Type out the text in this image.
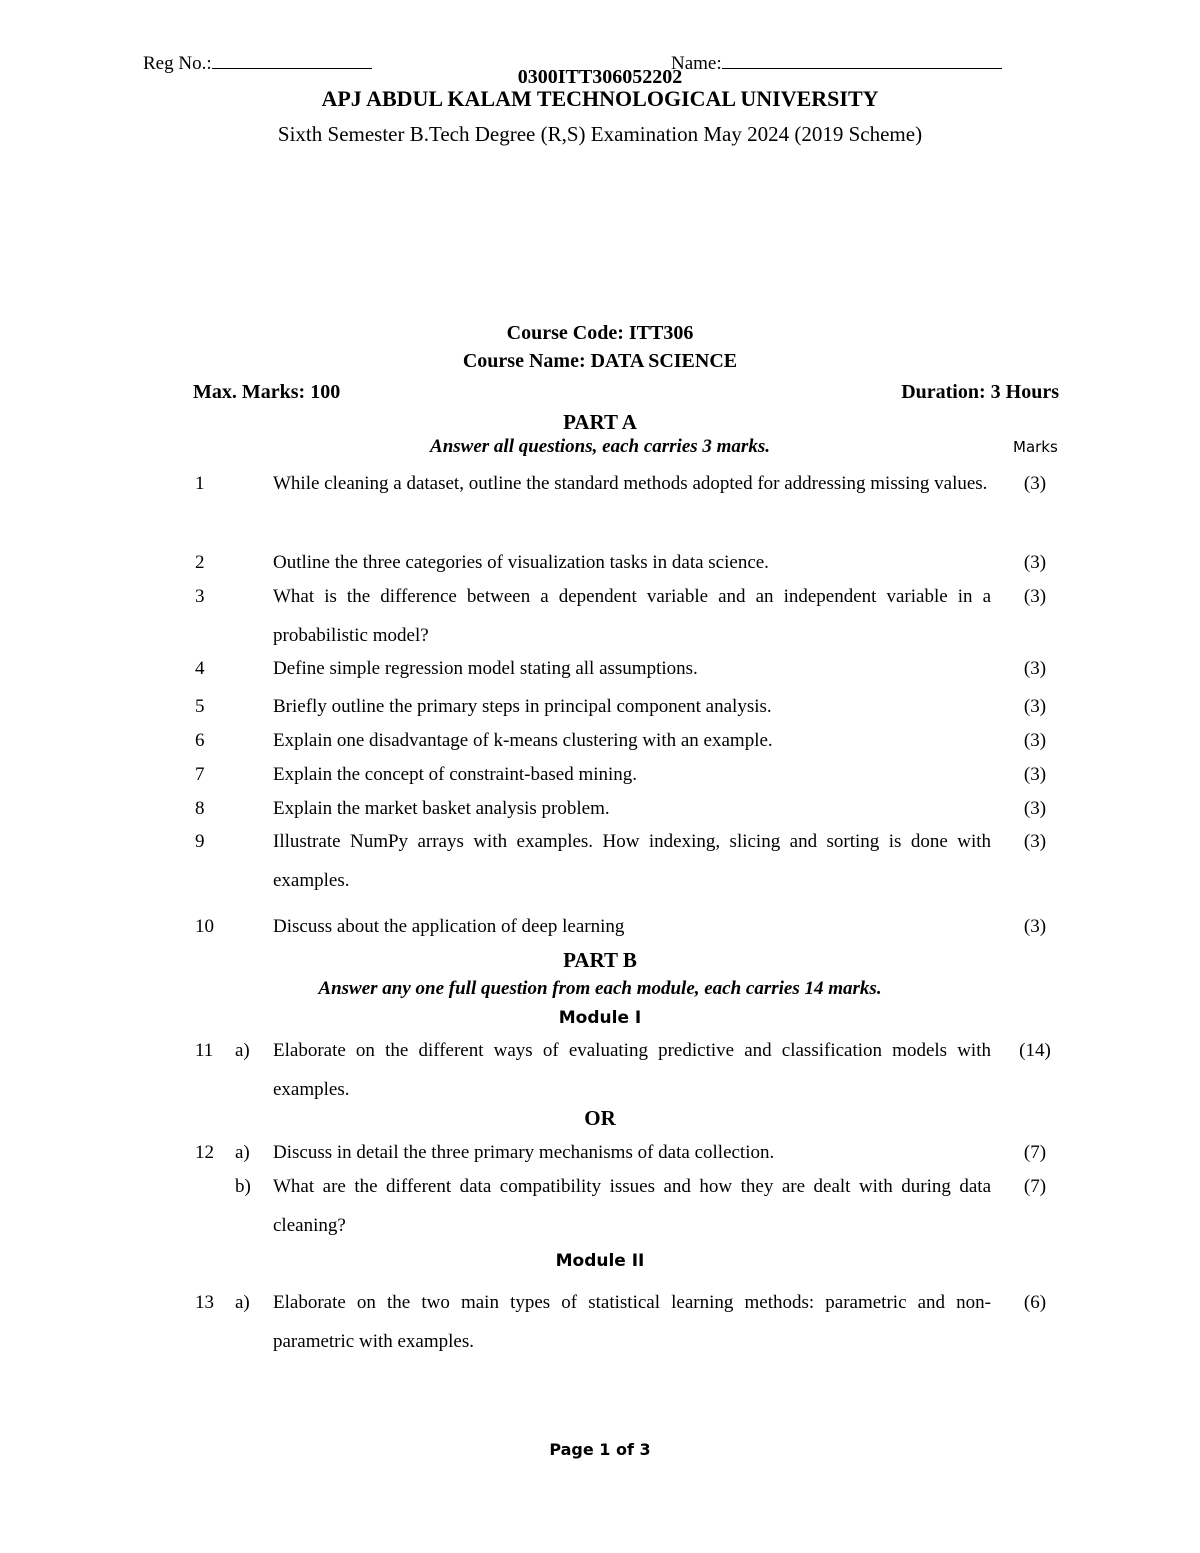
Reg No.:	Name:
0300ITT306052202
APJ ABDUL KALAM TECHNOLOGICAL UNIVERSITY
Sixth Semester B.Tech Degree (R,S) Examination May 2024 (2019 Scheme)
Course Code: ITT306
Course Name: DATA SCIENCE
Max. Marks: 100	Duration: 3 Hours
PART A
Answer all questions, each carries 3 marks.	Marks
1	While cleaning a dataset, outline the standard methods adopted for addressing missing values.	(3)
2	Outline the three categories of visualization tasks in data science.	(3)
3	What is the difference between a dependent variable and an independent variable in a probabilistic model?
(3)
4	Define simple regression model stating all assumptions.	(3)
5	Briefly outline the primary steps in principal component analysis.	(3)
6	Explain one disadvantage of k-means clustering with an example.	(3)
7	Explain the concept of constraint-based mining.	(3)
8	Explain the market basket analysis problem.	(3)
9	Illustrate NumPy arrays with examples. How indexing, slicing and sorting is done with examples.
(3)
10	Discuss about the application of deep learning	(3)
PART B
Answer any one full question from each module, each carries 14 marks.
Module I
11	a)	Elaborate on the different ways of evaluating predictive and classification models with examples.
(14)
OR
12	a)	Discuss in detail the three primary mechanisms of data collection.	(7)
b)	What are the different data compatibility issues and how they are dealt with during data cleaning?
(7)
Module II
13	a)	Elaborate on the two main types of statistical learning methods: parametric and non-parametric with examples.
(6)
Page 1 of 3
